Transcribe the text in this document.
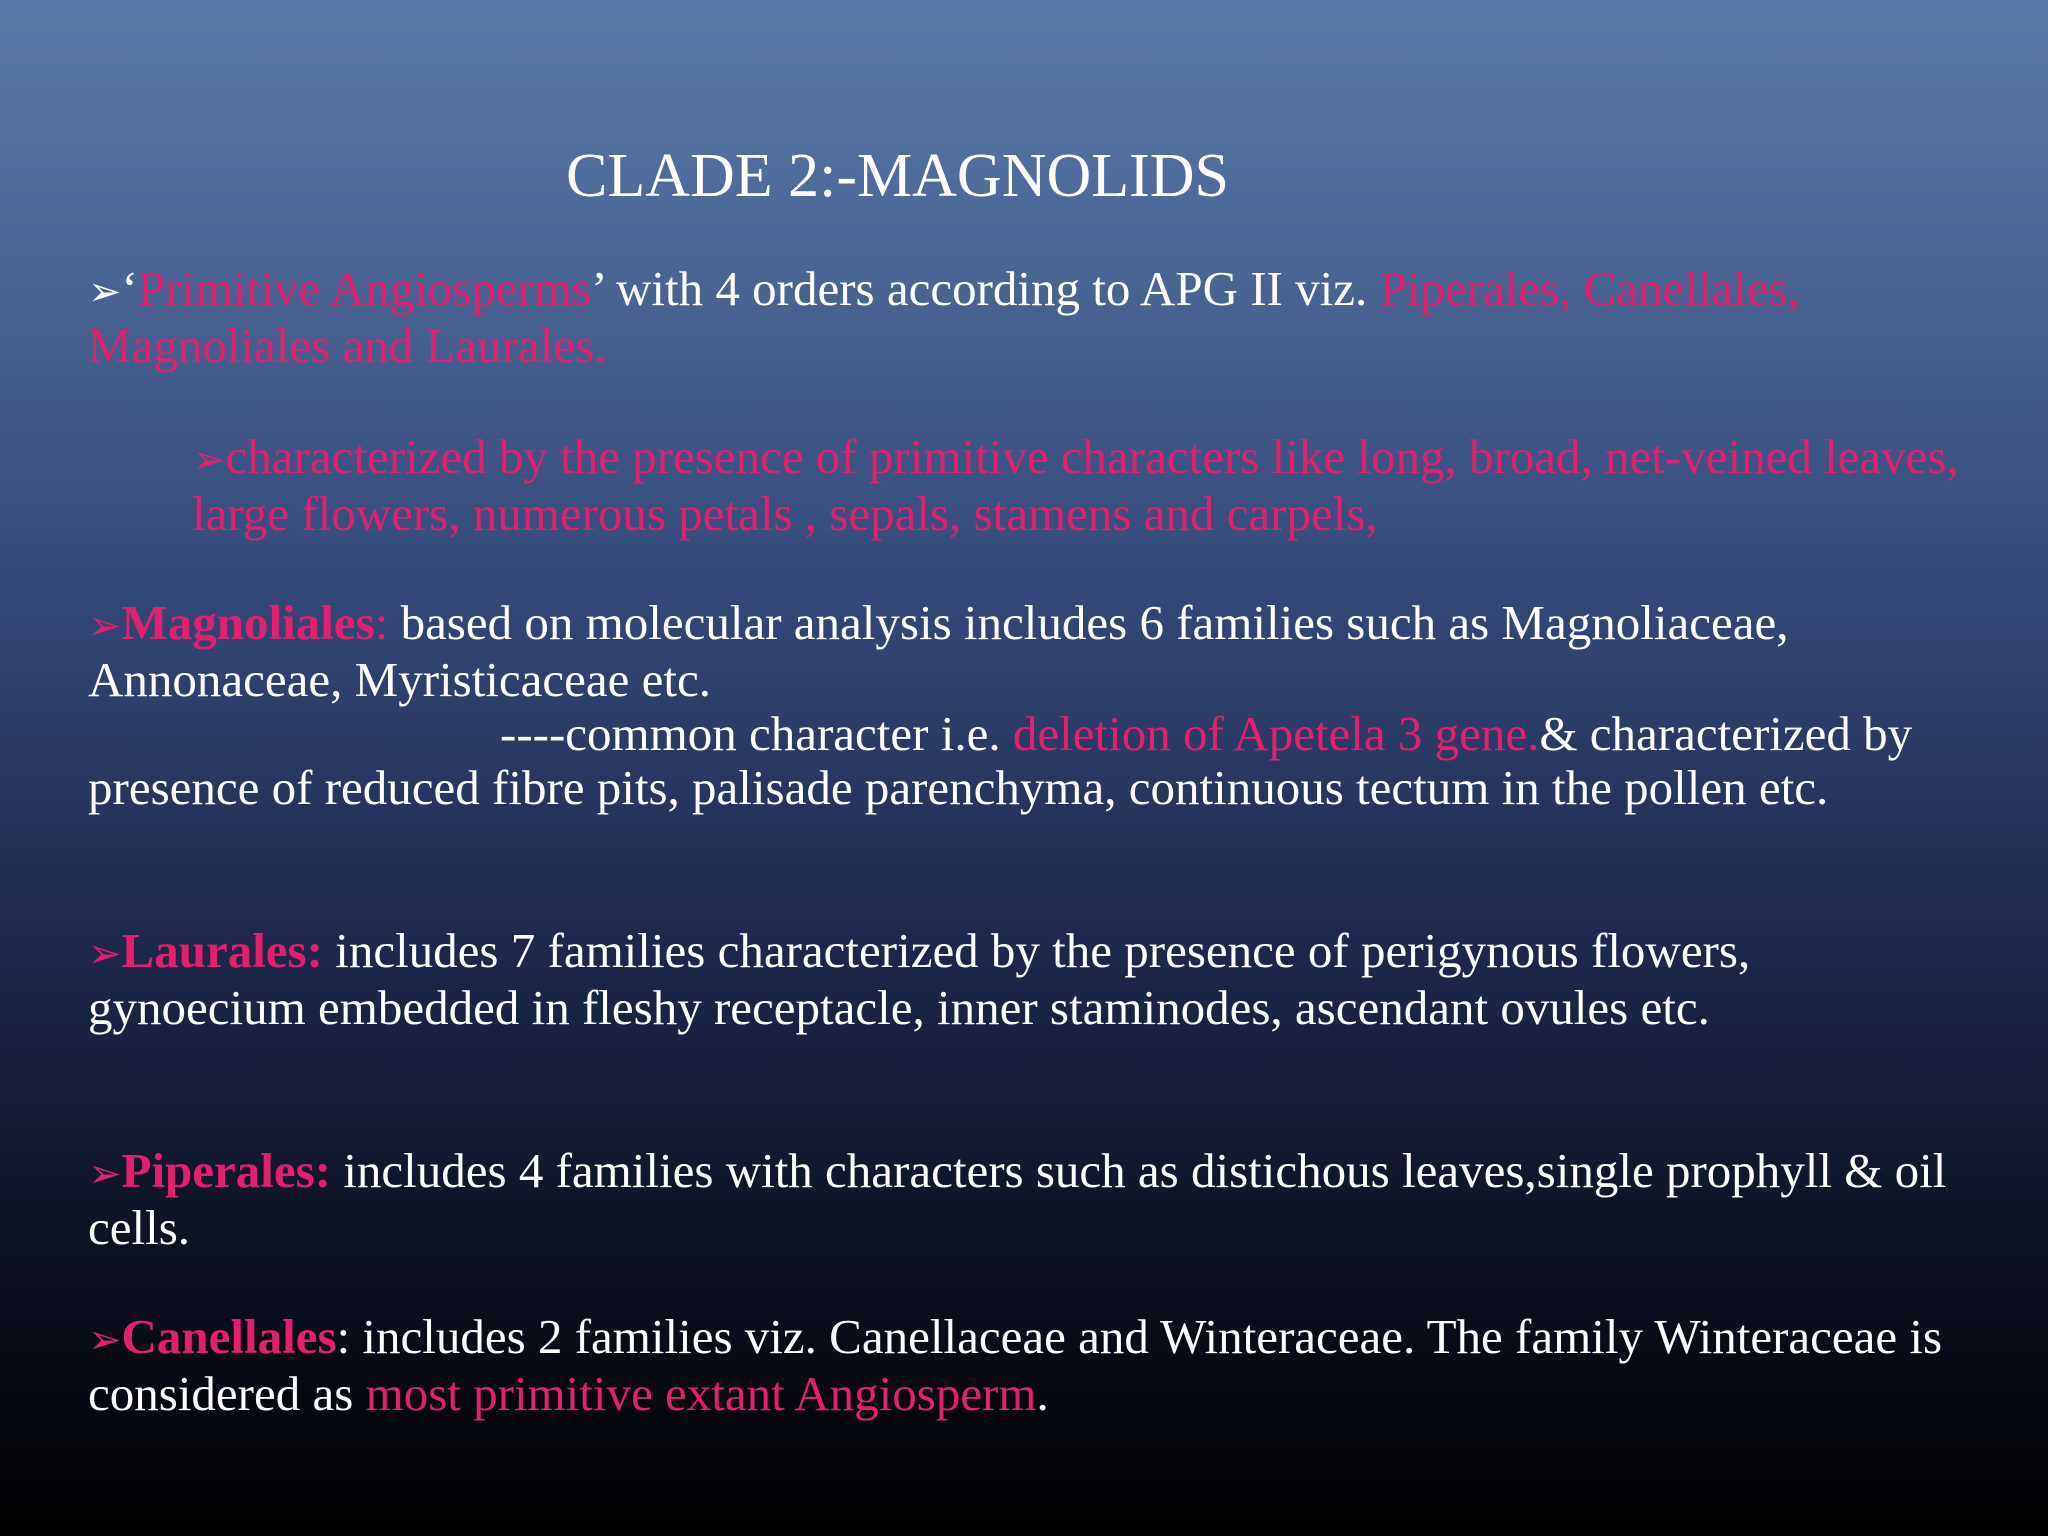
CLADE 2:-MAGNOLIDS
➢‘Primitive Angiosperms’ with 4 orders according to APG II viz. Piperales, Canellales, Magnoliales and Laurales.
➢characterized by the presence of primitive characters like long, broad, net-veined leaves, large flowers, numerous petals , sepals, stamens and carpels,
➢Magnoliales: based on molecular analysis includes 6 families such as Magnoliaceae, Annonaceae, Myristicaceae etc.
----common character i.e. deletion of Apetela 3 gene.& characterized by presence of reduced fibre pits, palisade parenchyma, continuous tectum in the pollen etc.
➢Laurales: includes 7 families characterized by the presence of perigynous flowers, gynoecium embedded in fleshy receptacle, inner staminodes, ascendant ovules etc.
➢Piperales: includes 4 families with characters such as distichous leaves,single prophyll & oil cells.
➢Canellales: includes 2 families viz. Canellaceae and Winteraceae. The family Winteraceae is considered as most primitive extant Angiosperm.
